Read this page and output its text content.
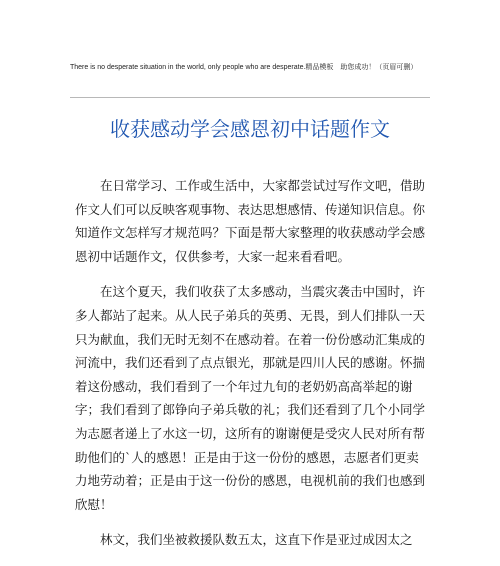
There is no desperate situation in the world, only people who are desperate.精品模板　助您成功！（页眉可删）
收获感动学会感恩初中话题作文

在日常学习、工作或生活中，大家都尝试过写作文吧，借助作文人们可以反映客观事物、表达思想感情、传递知识信息。你知道作文怎样写才规范吗？下面是帮大家整理的收获感动学会感恩初中话题作文，仅供参考，大家一起来看看吧。

在这个夏天，我们收获了太多感动，当震灾袭击中国时，许多人都站了起来。从人民子弟兵的英勇、无畏，到人们排队一天只为献血，我们无时无刻不在感动着。在着一份份感动汇集成的河流中，我们还看到了点点银光，那就是四川人民的感谢。怀揣着这份感动，我们看到了一个年过九旬的老奶奶高高举起的谢字；我们看到了郎铮向子弟兵敬的礼；我们还看到了几个小同学为志愿者递上了水这一切，这所有的谢谢便是受灾人民对所有帮助他们的`人的感恩！正是由于这一份份的感恩，志愿者们更卖力地劳动着；正是由于这一份份的感恩，电视机前的我们也感到欣慰！

林文，我们坐被救援队数五太，这直下作是亚过成因太之
